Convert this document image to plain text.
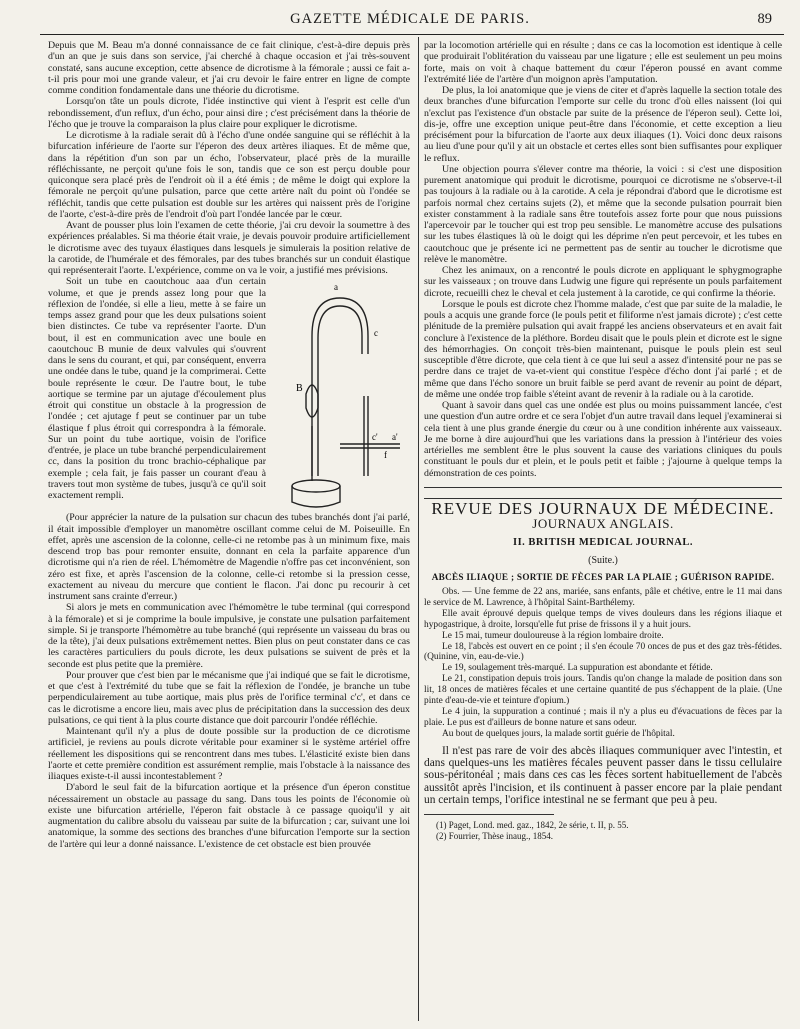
GAZETTE MÉDICALE DE PARIS.	89

Depuis que M. Beau m'a donné connaissance de ce fait clinique, c'est-à-dire depuis près d'un an que je suis dans son service, j'ai cherché à chaque occasion et j'ai très-souvent constaté, sans aucune exception, cette absence de dicrotisme à la fémorale ; aussi ce fait a-t-il pris pour moi une grande valeur, et j'ai cru devoir le faire entrer en ligne de compte comme condition fondamentale dans une théorie du dicrotisme.

Lorsqu'on tâte un pouls dicrote, l'idée instinctive qui vient à l'esprit est celle d'un rebondissement, d'un reflux, d'un écho, pour ainsi dire ; c'est précisément dans la théorie de l'écho que je trouve la comparaison la plus claire pour expliquer le dicrotisme.

Le dicrotisme à la radiale serait dû à l'écho d'une ondée sanguine qui se réfléchit à la bifurcation inférieure de l'aorte sur l'éperon des deux artères iliaques. Et de même que, dans la répétition d'un son par un écho, l'observateur, placé près de la muraille réfléchissante, ne perçoit qu'une fois le son, tandis que ce son est perçu double pour quiconque sera placé près de l'endroit où il a été émis ; de même le doigt qui explore la fémorale ne perçoit qu'une pulsation, parce que cette artère naît du point où l'ondée se réfléchit, tandis que cette pulsation est double sur les artères qui naissent près de l'origine de l'aorte, c'est-à-dire près de l'endroit d'où part l'ondée lancée par le cœur.

Avant de pousser plus loin l'examen de cette théorie, j'ai cru devoir la soumettre à des expériences préalables. Si ma théorie était vraie, je devais pouvoir produire artificiellement le dicrotisme avec des tuyaux élastiques dans lesquels je simulerais la position relative de la carotide, de l'humérale et des fémorales, par des tubes branchés sur un conduit élastique qui représenterait l'aorte. L'expérience, comme on va le voir, a justifié mes prévisions.

Soit un tube en caoutchouc aaa d'un certain volume, et que je prends assez long pour que la réflexion de l'ondée, si elle a lieu, mette à se faire un temps assez grand pour que les deux pulsations soient bien distinctes. Ce tube va représenter l'aorte. D'un bout, il est en communication avec une boule en caoutchouc B munie de deux valvules qui s'ouvrent dans le sens du courant, et qui, par conséquent, enverra une ondée dans le tube, quand je la comprimerai. Cette boule représente le cœur. De l'autre bout, le tube aortique se termine par un ajutage d'écoulement plus étroit qui constitue un obstacle à la progression de l'ondée ; cet ajutage f peut se continuer par un tube élastique f plus étroit qui correspondra à la fémorale. Sur un point du tube aortique, voisin de l'orifice d'entrée, je place un tube branché perpendiculairement cc, dans la position du tronc brachio-céphalique par exemple ; cela fait, je fais passer un courant d'eau à travers tout mon système de tubes, jusqu'à ce qu'il soit exactement rempli.

B
c
f
c' a'
a

(Pour apprécier la nature de la pulsation sur chacun des tubes branchés dont j'ai parlé, il était impossible d'employer un manomètre oscillant comme celui de M. Poiseuille. En effet, après une ascension de la colonne, celle-ci ne retombe pas à un minimum fixe, mais descend trop bas pour remonter ensuite, donnant en cela la parfaite apparence d'un dicrotisme qui n'a rien de réel. L'hémomètre de Magendie n'offre pas cet inconvénient, son zéro est fixe, et après l'ascension de la colonne, celle-ci retombe si la pression cesse, exactement au niveau du mercure que contient le flacon. J'ai donc pu recourir à cet instrument sans crainte d'erreur.)

Si alors je mets en communication avec l'hémomètre le tube terminal (qui correspond à la fémorale) et si je comprime la boule impulsive, je constate une pulsation parfaitement simple. Si je transporte l'hémomètre au tube branché (qui représente un vaisseau du bras ou de la tête), j'ai deux pulsations extrêmement nettes. Bien plus on peut constater dans ce cas les caractères particuliers du pouls dicrote, les deux pulsations se suivent de près et la seconde est plus petite que la première.

Pour prouver que c'est bien par le mécanisme que j'ai indiqué que se fait le dicrotisme, et que c'est à l'extrémité du tube que se fait la réflexion de l'ondée, je branche un tube perpendiculairement au tube aortique, mais plus près de l'orifice terminal c'c', et dans ce cas le dicrotisme a encore lieu, mais avec plus de précipitation dans la succession des deux pulsations, ce qui tient à la plus courte distance que doit parcourir l'ondée réfléchie.

Maintenant qu'il n'y a plus de doute possible sur la production de ce dicrotisme artificiel, je reviens au pouls dicrote véritable pour examiner si le système artériel offre réellement les dispositions qui se rencontrent dans mes tubes. L'élasticité existe bien dans l'aorte et cette première condition est assurément remplie, mais l'obstacle à la naissance des iliaques existe-t-il aussi incontestablement ?

D'abord le seul fait de la bifurcation aortique et la présence d'un éperon constitue nécessairement un obstacle au passage du sang. Dans tous les points de l'économie où existe une bifurcation artérielle, l'éperon fait obstacle à ce passage quoiqu'il y ait augmentation du calibre absolu du vaisseau par suite de la bifurcation ; car, suivant une loi anatomique, la somme des sections des branches d'une bifurcation l'emporte sur la section de l'artère qui leur a donné naissance. L'existence de cet obstacle est bien prouvée

par la locomotion artérielle qui en résulte ; dans ce cas la locomotion est identique à celle que produirait l'oblitération du vaisseau par une ligature ; elle est seulement un peu moins forte, mais on voit à chaque battement du cœur l'éperon poussé en avant comme l'extrémité liée de l'artère d'un moignon après l'amputation.

De plus, la loi anatomique que je viens de citer et d'après laquelle la section totale des deux branches d'une bifurcation l'emporte sur celle du tronc d'où elles naissent (loi qui n'exclut pas l'existence d'un obstacle par suite de la présence de l'éperon seul). Cette loi, dis-je, offre une exception unique peut-être dans l'économie, et cette exception a lieu précisément pour la bifurcation de l'aorte aux deux iliaques (1). Voici donc deux raisons au lieu d'une pour qu'il y ait un obstacle et certes elles sont bien suffisantes pour expliquer le reflux.

Une objection pourra s'élever contre ma théorie, la voici : si c'est une disposition purement anatomique qui produit le dicrotisme, pourquoi ce dicrotisme ne s'observe-t-il pas toujours à la radiale ou à la carotide. A cela je répondrai d'abord que le dicrotisme est parfois normal chez certains sujets (2), et même que la seconde pulsation pourrait bien exister constamment à la radiale sans être toutefois assez forte pour que nous puissions l'apercevoir par le toucher qui est trop peu sensible. Le manomètre accuse des pulsations sur les tubes élastiques là où le doigt qui les déprime n'en peut percevoir, et les tubes en caoutchouc que je présente ici ne permettent pas de sentir au toucher le dicrotisme que relève le manomètre.

Chez les animaux, on a rencontré le pouls dicrote en appliquant le sphygmographe sur les vaisseaux ; on trouve dans Ludwig une figure qui représente un pouls parfaitement dicrote, recueilli chez le cheval et cela justement à la carotide, ce qui confirme la théorie.

Lorsque le pouls est dicrote chez l'homme malade, c'est que par suite de la maladie, le pouls a acquis une grande force (le pouls petit et filiforme n'est jamais dicrote) ; c'est cette plénitude de la première pulsation qui avait frappé les anciens observateurs et en avait fait conclure à l'existence de la pléthore. Bordeu disait que le pouls plein et dicrote est le signe des hémorrhagies. On conçoit très-bien maintenant, puisque le pouls plein est seul susceptible d'être dicrote, que cela tient à ce que lui seul a assez d'intensité pour ne pas se perdre dans ce trajet de va-et-vient qui constitue l'espèce d'écho dont j'ai parlé ; et de même que dans l'écho sonore un bruit faible se perd avant de revenir au point de départ, de même une ondée trop faible s'éteint avant de revenir à la radiale ou à la carotide.

Quant à savoir dans quel cas une ondée est plus ou moins puissamment lancée, c'est une question d'un autre ordre et ce sera l'objet d'un autre travail dans lequel j'examinerai si cela tient à une plus grande énergie du cœur ou à une condition inhérente aux vaisseaux. Je me borne à dire aujourd'hui que les variations dans la pression à l'intérieur des voies artérielles me semblent être le plus souvent la cause des variations cliniques du pouls constituant le pouls dur et plein, et le pouls petit et faible ; j'ajourne à quelque temps la démonstration de ces points.

REVUE DES JOURNAUX DE MÉDECINE.
JOURNAUX ANGLAIS.
II. BRITISH MEDICAL JOURNAL.
(Suite.)
ABCÈS ILIAQUE ; SORTIE DE FÈCES PAR LA PLAIE ; GUÉRISON RAPIDE.

Obs. — Une femme de 22 ans, mariée, sans enfants, pâle et chétive, entre le 11 mai dans le service de M. Lawrence, à l'hôpital Saint-Barthélemy.

Elle avait éprouvé depuis quelque temps de vives douleurs dans les régions iliaque et hypogastrique, à droite, lorsqu'elle fut prise de frissons il y a huit jours.

Le 15 mai, tumeur douloureuse à la région lombaire droite.

Le 18, l'abcès est ouvert en ce point ; il s'en écoule 70 onces de pus et des gaz très-fétides. (Quinine, vin, eau-de-vie.)

Le 19, soulagement très-marqué. La suppuration est abondante et fétide.

Le 21, constipation depuis trois jours. Tandis qu'on change la malade de position dans son lit, 18 onces de matières fécales et une certaine quantité de pus s'échappent de la plaie. (Une pinte d'eau-de-vie et teinture d'opium.)

Le 4 juin, la suppuration a continué ; mais il n'y a plus eu d'évacuations de fèces par la plaie. Le pus est d'ailleurs de bonne nature et sans odeur.

Au bout de quelques jours, la malade sortit guérie de l'hôpital.

Il n'est pas rare de voir des abcès iliaques communiquer avec l'intestin, et dans quelques-uns les matières fécales peuvent passer dans le tissu cellulaire sous-péritonéal ; mais dans ces cas les fèces sortent habituellement de l'abcès aussitôt après l'incision, et ils continuent à passer encore par la plaie pendant un certain temps, l'orifice intestinal ne se fermant que peu à peu.

(1) Paget, Lond. med. gaz., 1842, 2e série, t. II, p. 55.

(2) Fourrier, Thèse inaug., 1854.
